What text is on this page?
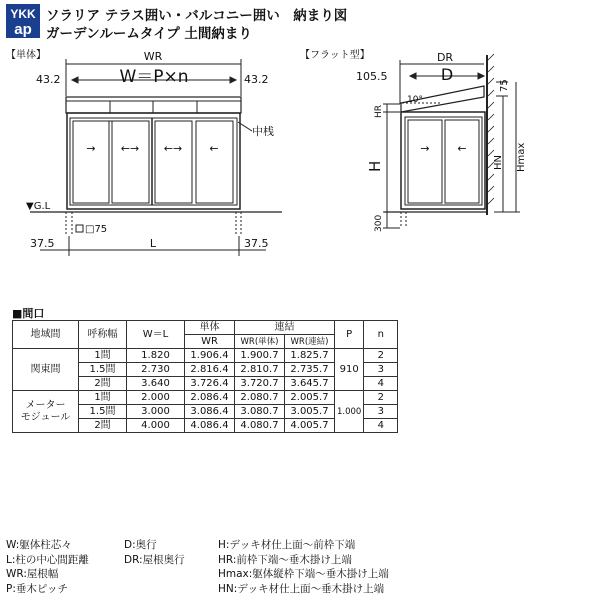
YKK
ap
ソラリア テラス囲い・バルコニー囲い　納まり図
ガーデンルームタイプ 土間納まり
【単体】	WR
W＝P×n
43.2	43.2
→ ←→ ←→ ←
中桟
▼G.L
□75
37.5	L	37.5
【フラット型】	DR
D
105.5
75
10°
→	←
HR
H
300
HN Hmax
■間口
地域間	呼称幅	W＝L	単体	連結		P	n
			WR	WR(単体)	WR(連結)		
関東間	1間	1.820	1.906.4	1.900.7	1.825.7	910	2
	1.5間	2.730	2.816.4	2.810.7	2.735.7		3
	2間	3.640	3.726.4	3.720.7	3.645.7		4

メーター
モジュール	1間	2.000	2.086.4	2.080.7	2.005.7	1.000	2
	1.5間	3.000	3.086.4	3.080.7	3.005.7		3
	2間	4.000	4.086.4	4.080.7	4.005.7		4
W:躯体柱芯々
L:柱の中心間距離
WR:屋根幅
P:垂木ピッチ
D:奥行
DR:屋根奥行
H:デッキ材仕上面～前枠下端
HR:前枠下端～垂木掛け上端
Hmax:躯体縦枠下端～垂木掛け上端
HN:デッキ材仕上面～垂木掛け上端
